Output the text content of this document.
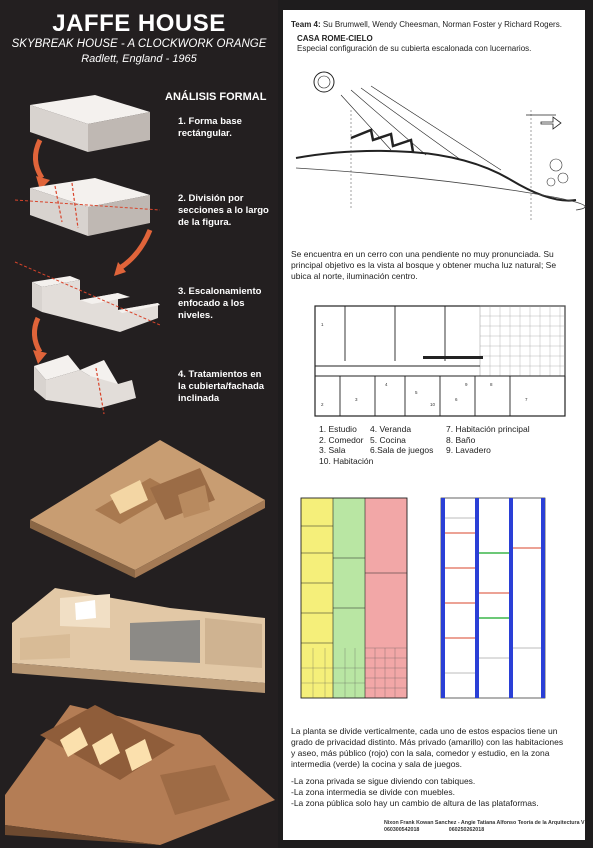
JAFFE HOUSE
SKYBREAK HOUSE - A CLOCKWORK ORANGE
Radlett, England - 1965
ANÁLISIS FORMAL
1. Forma base
rectángular.
2. División por
secciones a lo largo
de la figura.
3. Escalonamiento
enfocado a los
niveles.
4. Tratamientos en
la cubierta/fachada
inclinada
Team 4: Su Brumwell, Wendy Cheesman, Norman Foster y Richard Rogers.
CASA ROME-CIELO
Especial configuración de su cubierta escalonada con lucernarios.
Se encuentra en un cerro con una pendiente no muy pronunciada. Su
principal objetivo es la vista al bosque y obtener mucha luz natural; Se
ubica al norte, iluminación centro.
1
2
3
4
5
6	7
8
9
10
1. Estudio
2. Comedor
3. Sala
10. Habitación
4. Veranda
5. Cocina
6.Sala de juegos
7. Habitación principal
8. Baño
9. Lavadero
La planta se divide verticalmente, cada uno de estos espacios tiene un
grado de privacidad distinto. Más privado (amarillo) con las habitaciones
y aseo, más público (rojo) con la sala, comedor y estudio, en la zona
intermedia (verde) la cocina y sala de juegos.
-La zona privada se sigue diviendo con tabiques.
-La zona intermedia se divide con muebles.
-La zona pública solo hay un cambio de altura de las plataformas.
Nixon Frank Kowan Sanchez - Angie Tatiana Alfonso Teoría de la Arquitectura V
060300542018                    060250262018
